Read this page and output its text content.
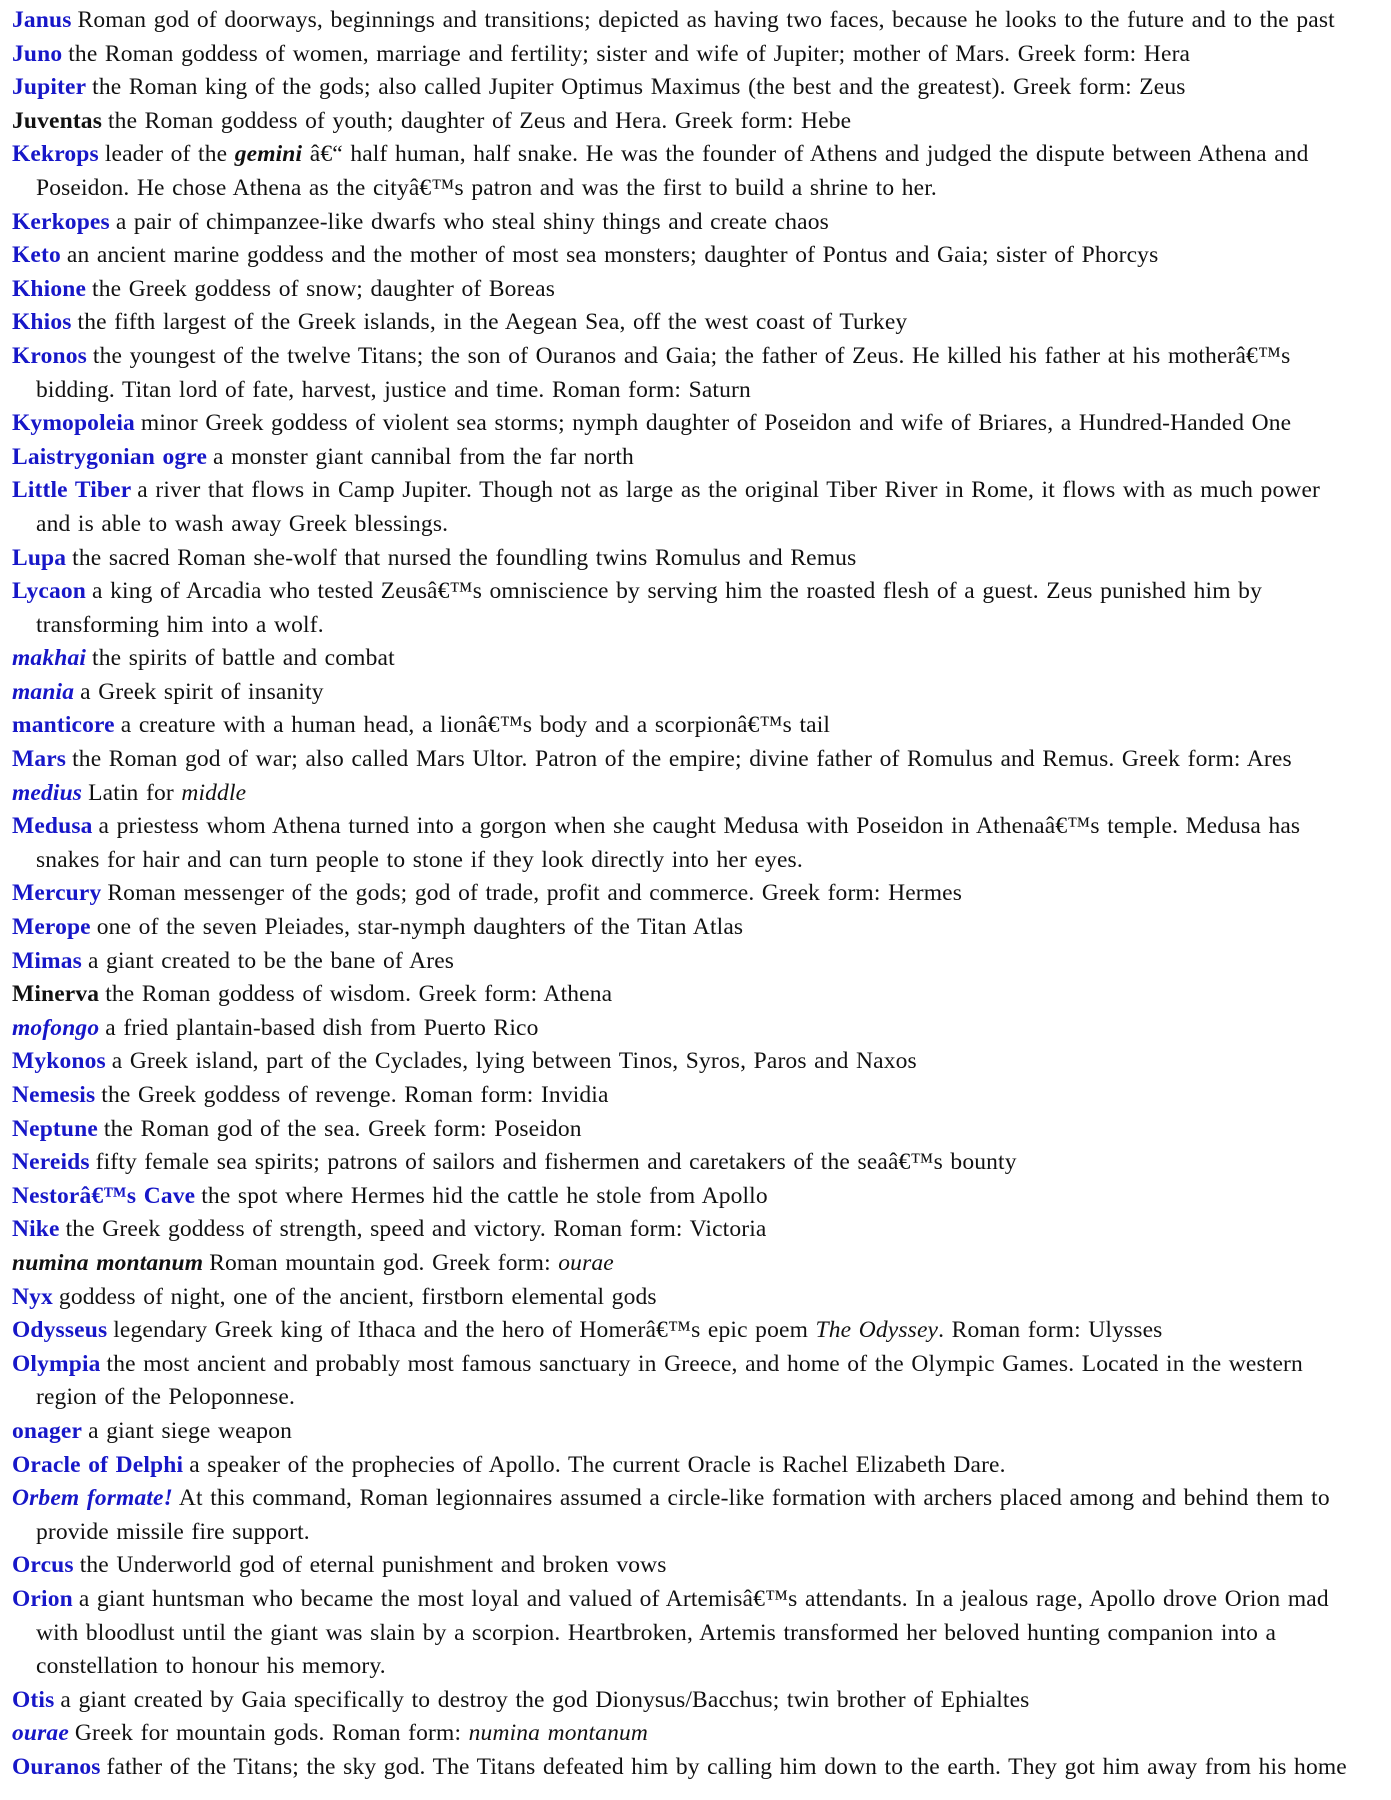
Janus Roman god of doorways, beginnings and transitions; depicted as having two faces, because he looks to the future and to the past
Juno the Roman goddess of women, marriage and fertility; sister and wife of Jupiter; mother of Mars. Greek form: Hera
Jupiter the Roman king of the gods; also called Jupiter Optimus Maximus (the best and the greatest). Greek form: Zeus
Juventas the Roman goddess of youth; daughter of Zeus and Hera. Greek form: Hebe
Kekrops leader of the gemini â€“ half human, half snake. He was the founder of Athens and judged the dispute between Athena and
Poseidon. He chose Athena as the cityâ€™s patron and was the first to build a shrine to her.
Kerkopes a pair of chimpanzee-like dwarfs who steal shiny things and create chaos
Keto an ancient marine goddess and the mother of most sea monsters; daughter of Pontus and Gaia; sister of Phorcys
Khione the Greek goddess of snow; daughter of Boreas
Khios the fifth largest of the Greek islands, in the Aegean Sea, off the west coast of Turkey
Kronos the youngest of the twelve Titans; the son of Ouranos and Gaia; the father of Zeus. He killed his father at his motherâ€™s
bidding. Titan lord of fate, harvest, justice and time. Roman form: Saturn
Kymopoleia minor Greek goddess of violent sea storms; nymph daughter of Poseidon and wife of Briares, a Hundred-Handed One
Laistrygonian ogre a monster giant cannibal from the far north
Little Tiber a river that flows in Camp Jupiter. Though not as large as the original Tiber River in Rome, it flows with as much power
and is able to wash away Greek blessings.
Lupa the sacred Roman she-wolf that nursed the foundling twins Romulus and Remus
Lycaon a king of Arcadia who tested Zeusâ€™s omniscience by serving him the roasted flesh of a guest. Zeus punished him by
transforming him into a wolf.
makhai the spirits of battle and combat
mania a Greek spirit of insanity
manticore a creature with a human head, a lionâ€™s body and a scorpionâ€™s tail
Mars the Roman god of war; also called Mars Ultor. Patron of the empire; divine father of Romulus and Remus. Greek form: Ares
medius Latin for middle
Medusa a priestess whom Athena turned into a gorgon when she caught Medusa with Poseidon in Athenaâ€™s temple. Medusa has
snakes for hair and can turn people to stone if they look directly into her eyes.
Mercury Roman messenger of the gods; god of trade, profit and commerce. Greek form: Hermes
Merope one of the seven Pleiades, star-nymph daughters of the Titan Atlas
Mimas a giant created to be the bane of Ares
Minerva the Roman goddess of wisdom. Greek form: Athena
mofongo a fried plantain-based dish from Puerto Rico
Mykonos a Greek island, part of the Cyclades, lying between Tinos, Syros, Paros and Naxos
Nemesis the Greek goddess of revenge. Roman form: Invidia
Neptune the Roman god of the sea. Greek form: Poseidon
Nereids fifty female sea spirits; patrons of sailors and fishermen and caretakers of the seaâ€™s bounty
Nestorâ€™s Cave the spot where Hermes hid the cattle he stole from Apollo
Nike the Greek goddess of strength, speed and victory. Roman form: Victoria
numina montanum Roman mountain god. Greek form: ourae
Nyx goddess of night, one of the ancient, firstborn elemental gods
Odysseus legendary Greek king of Ithaca and the hero of Homerâ€™s epic poem The Odyssey. Roman form: Ulysses
Olympia the most ancient and probably most famous sanctuary in Greece, and home of the Olympic Games. Located in the western
region of the Peloponnese.
onager a giant siege weapon
Oracle of Delphi a speaker of the prophecies of Apollo. The current Oracle is Rachel Elizabeth Dare.
Orbem formate! At this command, Roman legionnaires assumed a circle-like formation with archers placed among and behind them to
provide missile fire support.
Orcus the Underworld god of eternal punishment and broken vows
Orion a giant huntsman who became the most loyal and valued of Artemisâ€™s attendants. In a jealous rage, Apollo drove Orion mad
with bloodlust until the giant was slain by a scorpion. Heartbroken, Artemis transformed her beloved hunting companion into a
constellation to honour his memory.
Otis a giant created by Gaia specifically to destroy the god Dionysus/Bacchus; twin brother of Ephialtes
ourae Greek for mountain gods. Roman form: numina montanum
Ouranos father of the Titans; the sky god. The Titans defeated him by calling him down to the earth. They got him away from his home
